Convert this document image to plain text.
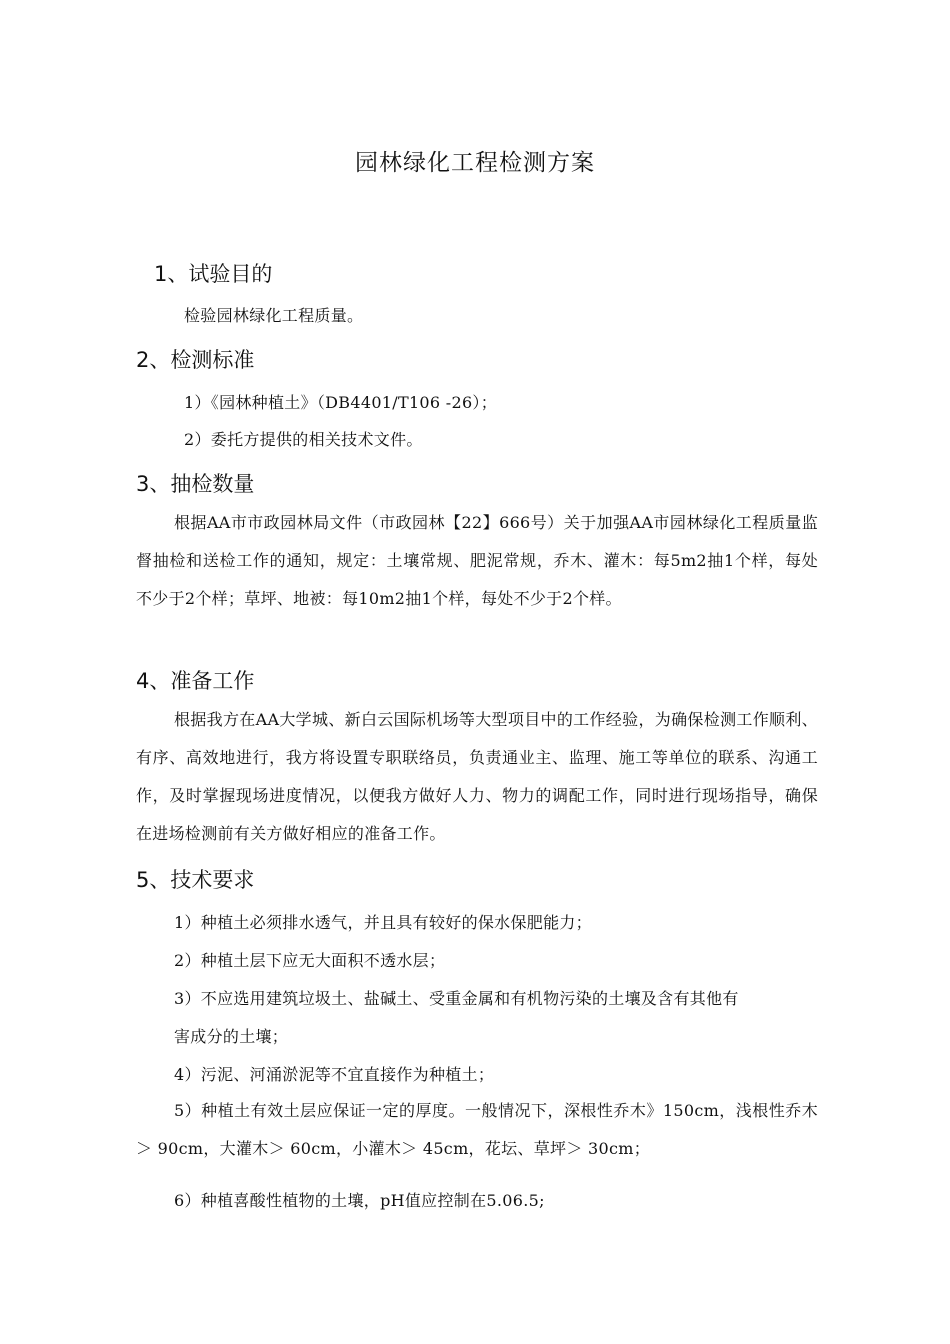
园林绿化工程检测方案
1、试验目的
检验园林绿化工程质量。
2、检测标准
1）《园林种植土》（DB4401/T106 -26）；
2）委托方提供的相关技术文件。
3、抽检数量
根据AA市市政园林局文件（市政园林【22】666号）关于加强AA市园林绿化工程质量监督抽检和送检工作的通知，规定：土壤常规、肥泥常规，乔木、灌木：每5m2抽1个样，每处不少于2个样；草坪、地被：每10m2抽1个样，每处不少于2个样。
4、准备工作
根据我方在AA大学城、新白云国际机场等大型项目中的工作经验，为确保检测工作顺利、有序、高效地进行，我方将设置专职联络员，负责通业主、监理、施工等单位的联系、沟通工作，及时掌握现场进度情况，以便我方做好人力、物力的调配工作，同时进行现场指导，确保在进场检测前有关方做好相应的准备工作。
5、技术要求
1）种植土必须排水透气，并且具有较好的保水保肥能力；
2）种植土层下应无大面积不透水层；
3）不应选用建筑垃圾土、盐碱土、受重金属和有机物污染的土壤及含有其他有
害成分的土壤；
4）污泥、河涌淤泥等不宜直接作为种植土；
5）种植土有效土层应保证一定的厚度。一般情况下，深根性乔木》150cm，浅根性乔木＞ 90cm，大灌木＞ 60cm，小灌木＞ 45cm，花坛、草坪＞ 30cm；
6）种植喜酸性植物的土壤，pH值应控制在5.06.5;
